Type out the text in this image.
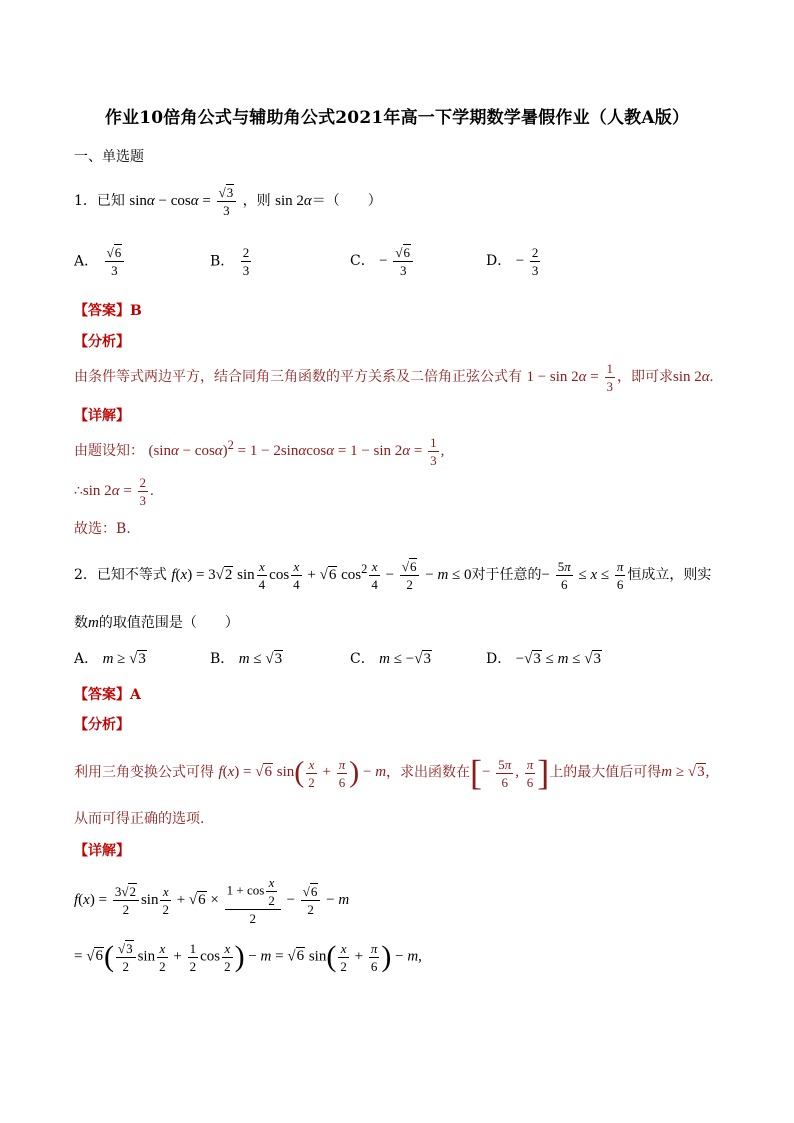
作业10倍角公式与辅助角公式2021年高一下学期数学暑假作业（人教A版）
一、单选题
1．已知 $\sin\alpha - \cos\alpha = \frac{√3}{3}$ ，则 sin 2α＝（　　）
A． $\frac{√6}{3}$	B． $\frac{2}{3}$	C． − $\frac{√6}{3}$	D． − $\frac{2}{3}$
【答案】B
【分析】
由条件等式两边平方，结合同角三角函数的平方关系及二倍角正弦公式有 $1 - \sin 2\alpha = \frac{1}{3}$ ，即可求sin 2α.
【详解】
由题设知： $(\sin\alpha - \cos\alpha)^2 = 1 - 2\sin\alpha\cos\alpha = 1 - \sin 2\alpha = \frac{1}{3}$ ,
∴sin $2\alpha = \frac{2}{3}$ .
故选：B.
2．已知不等式 f(x) = 3√2 $\sin \frac{x}{4}$ $\cos \frac{x}{4} + √6$ $\cos^2 \frac{x}{4} - \frac{√6}{2} - m \le 0$对于任意的− $\frac{5\pi}{6} \le x \le \frac{\pi}{6}$ 恒成立，则实
数m的取值范围是（　　）
A． m ≥ √3	B． m ≤ √3	C． m ≤ −√3	D． −√3 ≤ m ≤ √3
【答案】A
【分析】
利用三角变换公式可得 f(x) = √6 $\sin( \frac{x}{2} + \frac{\pi}{6}$ ) − m，求出函数在[− $\frac{5\pi}{6}$ , $\frac{\pi}{6}$ ]上的最大值后可得m ≥ √3,
从而可得正确的选项.
【详解】
$f(x) = \frac{3√2}{2}$ $\sin \frac{x}{2} + √6 \times \frac{1 + \cos \frac{x}{2}}{2} - \frac{√6}{2} - m$
= $√6( \frac{√3}{2}$ $\sin \frac{x}{2} + \frac{1}{2}$ $\cos \frac{x}{2}$ ) − m = √6 $\sin( \frac{x}{2} + \frac{\pi}{6}$ ) − m,
